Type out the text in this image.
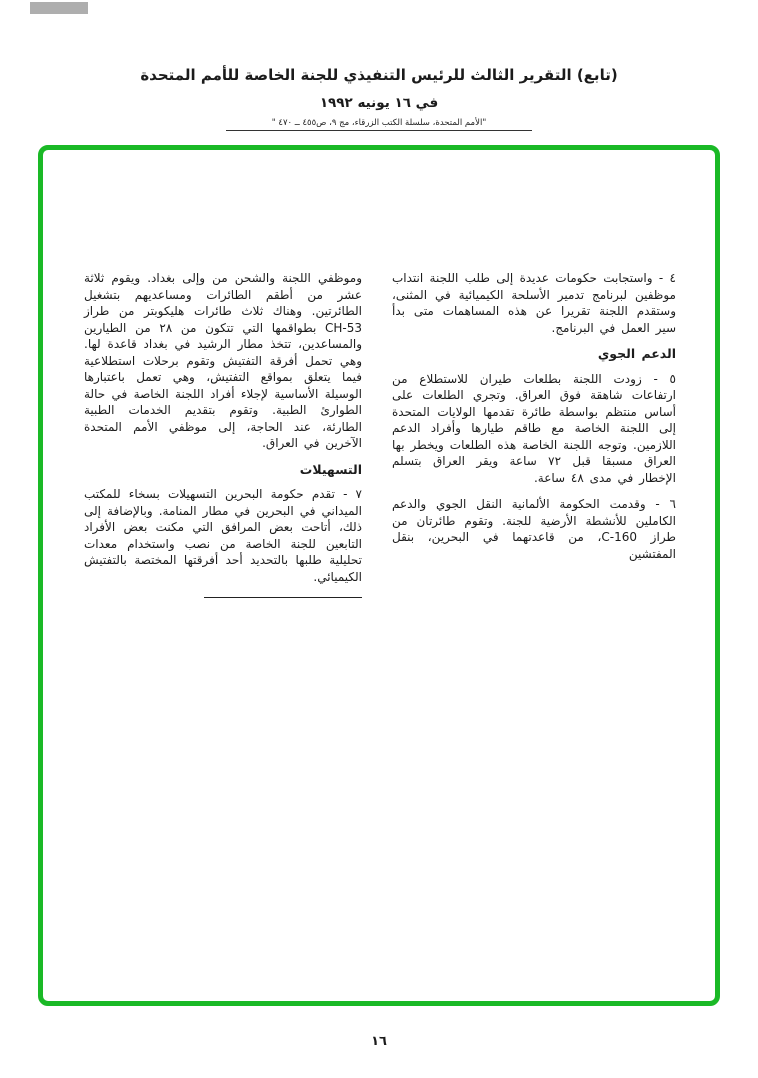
(تابع) التقرير الثالث للرئيس التنفيذي للجنة الخاصة للأمم المتحدة
في ١٦ يونيه ١٩٩٢
"الأمم المتحدة، سلسلة الكتب الزرقاء، مج ٩، ص٤٥٥ ــ ٤٧٠ "

٤ - واستجابت حكومات عديدة إلى طلب اللجنة انتداب موظفين لبرنامج تدمير الأسلحة الكيميائية في المثنى، وستقدم اللجنة تقريرا عن هذه المساهمات متى بدأ سير العمل في البرنامج.

الدعم الجوي

٥ - زودت اللجنة بطلعات طيران للاستطلاع من ارتفاعات شاهقة فوق العراق. وتجري الطلعات على أساس منتظم بواسطة طائرة تقدمها الولايات المتحدة إلى اللجنة الخاصة مع طاقم طيارها وأفراد الدعم اللازمين. وتوجه اللجنة الخاصة هذه الطلعات ويخطر بها العراق مسبقا قبل ٧٢ ساعة ويقر العراق بتسلم الإخطار في مدى ٤٨ ساعة.

٦ - وقدمت الحكومة الألمانية النقل الجوي والدعم الكاملين للأنشطة الأرضية للجنة. وتقوم طائرتان من طراز C-160، من قاعدتهما في البحرين، بنقل المفتشين

وموظفي اللجنة والشحن من وإلى بغداد. ويقوم ثلاثة عشر من أطقم الطائرات ومساعديهم بتشغيل الطائرتين. وهناك ثلاث طائرات هليكوبتر من طراز CH-53 بطواقمها التي تتكون من ٢٨ من الطيارين والمساعدين، تتخذ مطار الرشيد في بغداد قاعدة لها. وهي تحمل أفرقة التفتيش وتقوم برحلات استطلاعية فيما يتعلق بمواقع التفتيش، وهي تعمل باعتبارها الوسيلة الأساسية لإجلاء أفراد اللجنة الخاصة في حالة الطوارئ الطبية. وتقوم بتقديم الخدمات الطبية الطارئة، عند الحاجة، إلى موظفي الأمم المتحدة الآخرين في العراق.

التسهيلات

٧ - تقدم حكومة البحرين التسهيلات بسخاء للمكتب الميداني في البحرين في مطار المنامة. وبالإضافة إلى ذلك، أتاحت بعض المرافق التي مكنت بعض الأفراد التابعين للجنة الخاصة من نصب واستخدام معدات تحليلية طلبها بالتحديد أحد أفرقتها المختصة بالتفتيش الكيميائي.

١٦
